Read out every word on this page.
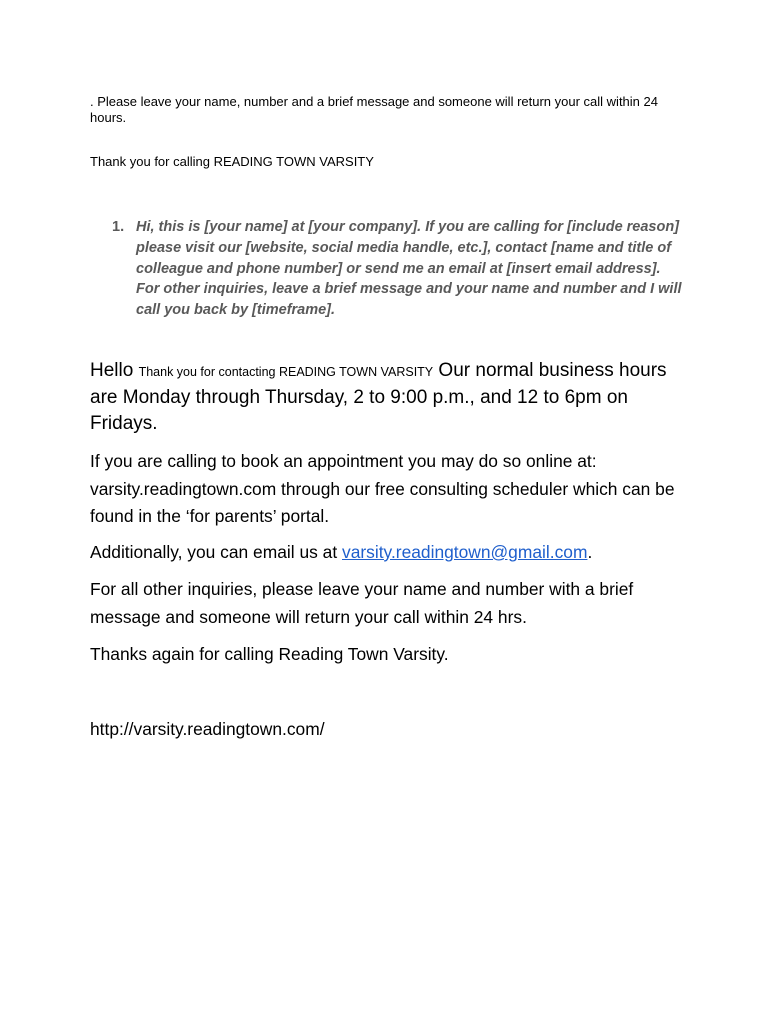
. Please leave your name, number and a brief message and someone will return your call within 24 hours.
Thank you for calling READING TOWN VARSITY
1. Hi, this is [your name] at [your company]. If you are calling for [include reason] please visit our [website, social media handle, etc.], contact [name and title of colleague and phone number] or send me an email at [insert email address]. For other inquiries, leave a brief message and your name and number and I will call you back by [timeframe].
Hello Thank you for contacting READING TOWN VARSITY Our normal business hours are Monday through Thursday, 2 to 9:00 p.m., and 12 to 6pm on Fridays.
If you are calling to book an appointment you may do so online at: varsity.readingtown.com through our free consulting scheduler which can be found in the ‘for parents’ portal.
Additionally, you can email us at varsity.readingtown@gmail.com.
For all other inquiries, please leave your name and number with a brief message and someone will return your call within 24 hrs.
Thanks again for calling Reading Town Varsity.
http://varsity.readingtown.com/
